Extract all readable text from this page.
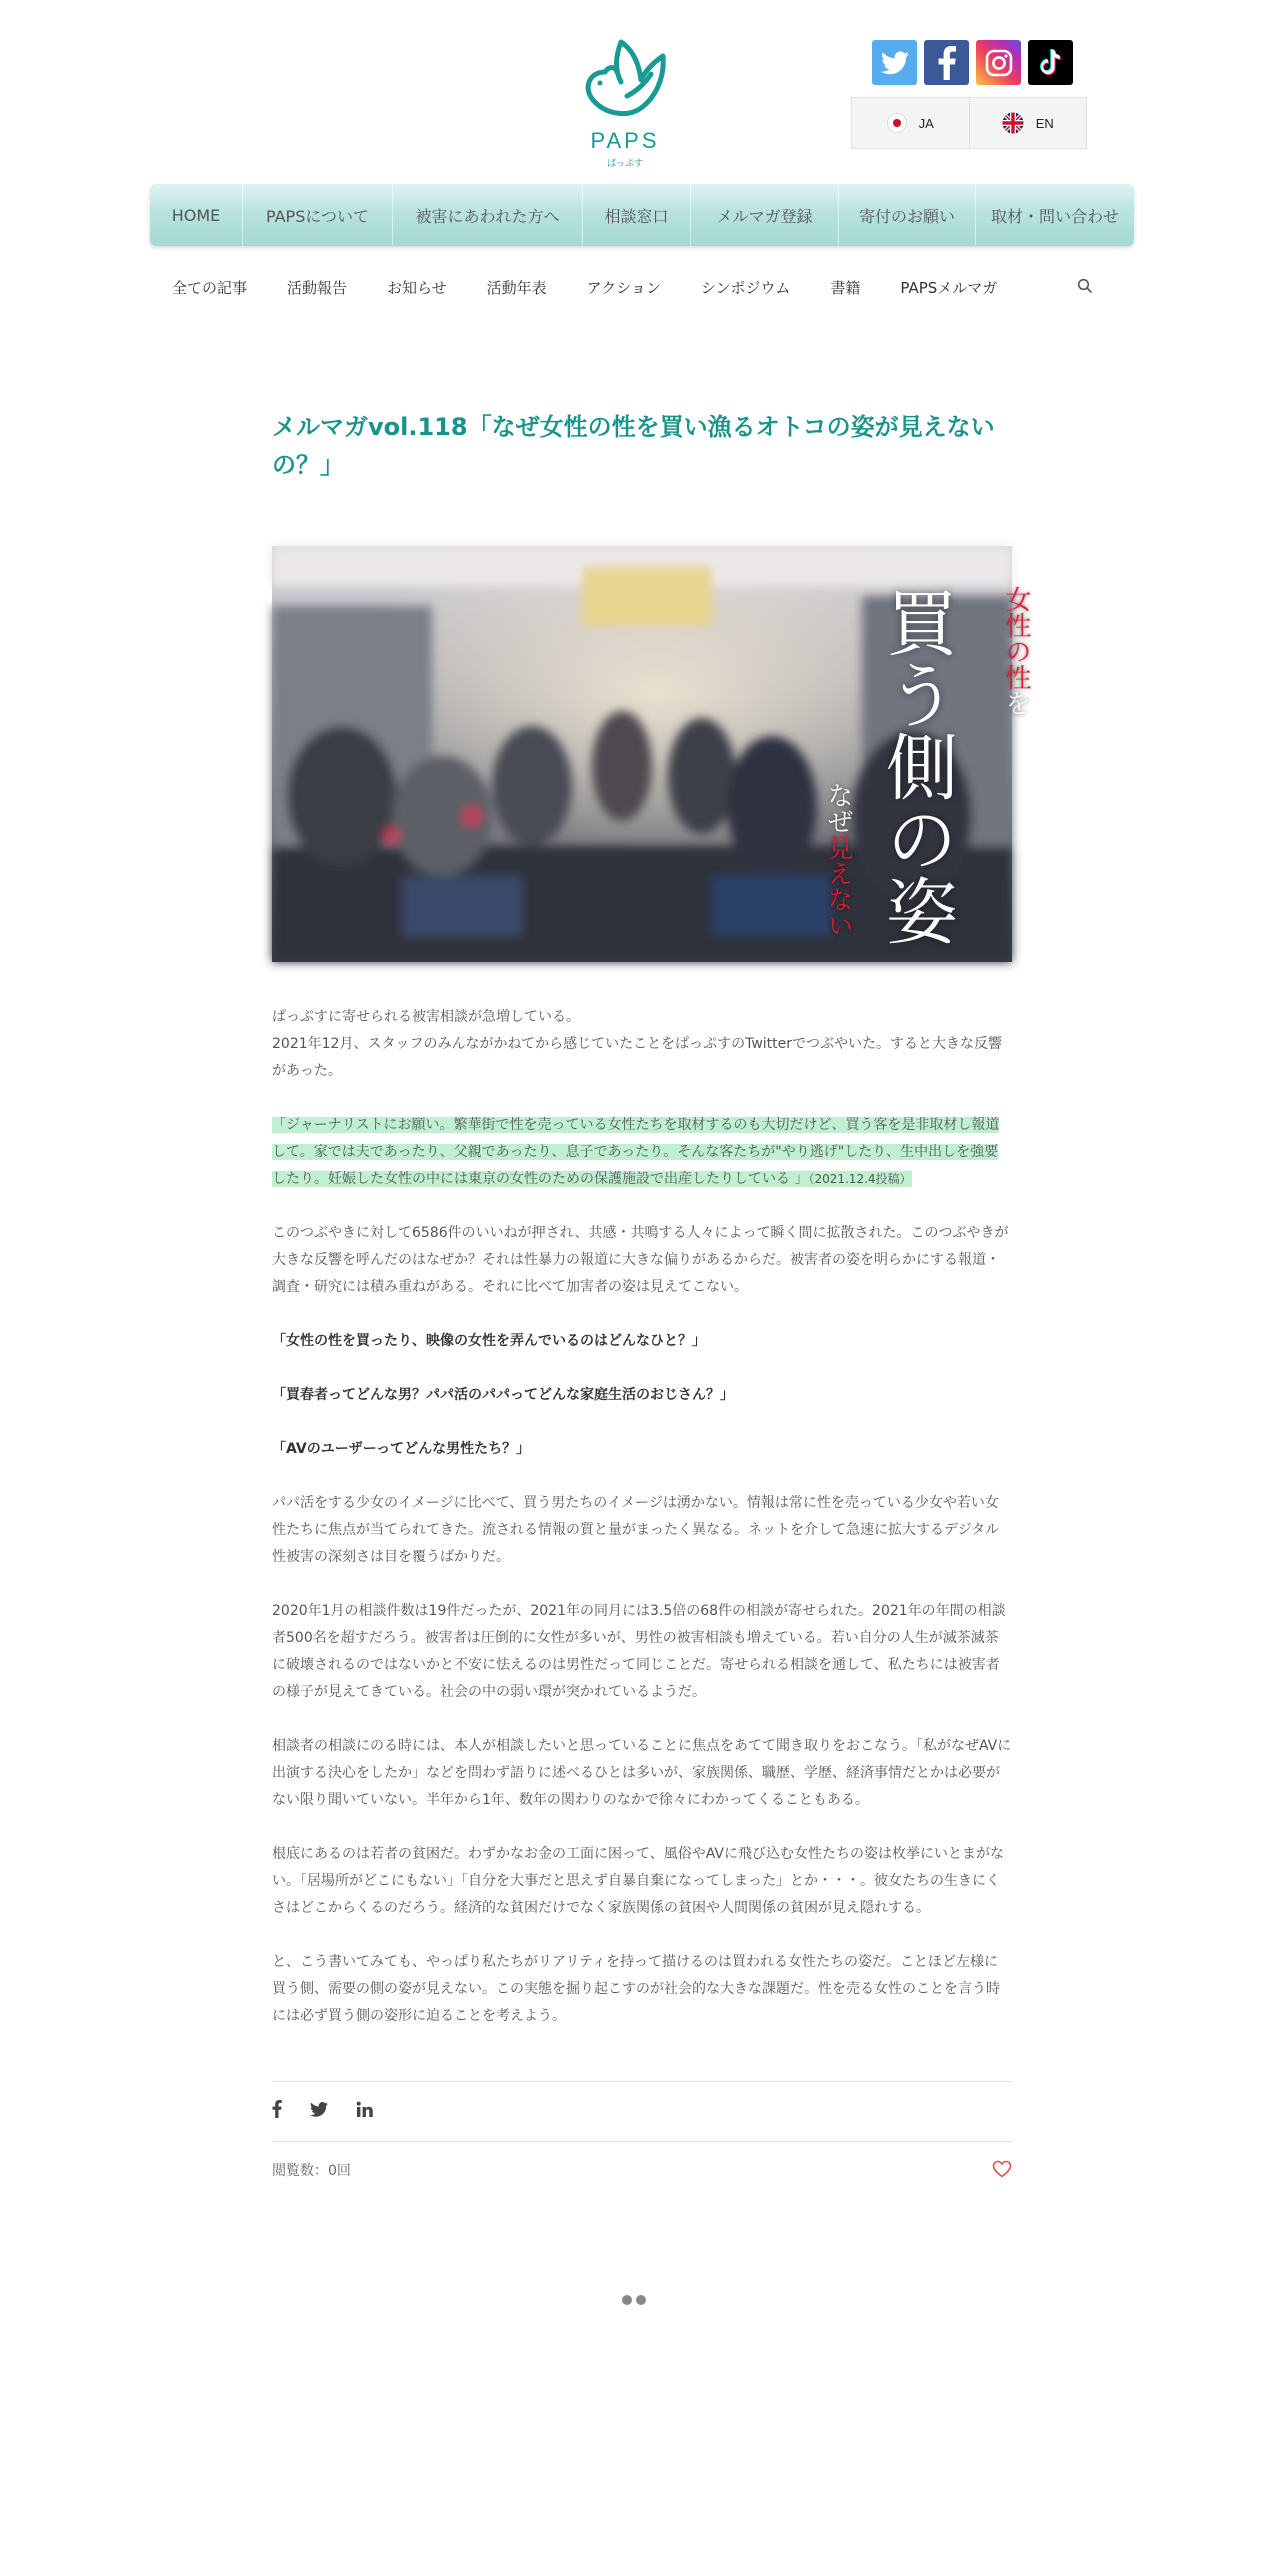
PAPS
ぱっぷす
JA	EN
HOME	PAPSについて	被害にあわれた方へ	相談窓口	メルマガ登録	寄付のお願い	取材・問い合わせ
全ての記事	活動報告	お知らせ	活動年表	アクション	シンポジウム	書籍	PAPSメルマガ
メルマガvol.118「なぜ女性の性を買い漁るオトコの姿が見えないの？」
女性の性を
買う側の姿
なぜ見えない

ぱっぷすに寄せられる被害相談が急増している。

2021年12月、スタッフのみんながかねてから感じていたことをぱっぷすのTwitterでつぶやいた。すると大きな反響があった。

「ジャーナリストにお願い。繁華街で性を売っている女性たちを取材するのも大切だけど、買う客を是非取材し報道して。家では夫であったり、父親であったり、息子であったり。そんな客たちが"やり逃げ"したり、生中出しを強要したり。妊娠した女性の中には東京の女性のための保護施設で出産したりしている 」（2021.12.4投稿）

このつぶやきに対して6586件のいいねが押され、共感・共鳴する人々によって瞬く間に拡散された。このつぶやきが大きな反響を呼んだのはなぜか？それは性暴力の報道に大きな偏りがあるからだ。被害者の姿を明らかにする報道・調査・研究には積み重ねがある。それに比べて加害者の姿は見えてこない。

「女性の性を買ったり、映像の女性を弄んでいるのはどんなひと？」

「買春者ってどんな男？パパ活のパパってどんな家庭生活のおじさん？」

「AVのユーザーってどんな男性たち？」

パパ活をする少女のイメージに比べて、買う男たちのイメージは湧かない。情報は常に性を売っている少女や若い女性たちに焦点が当てられてきた。流される情報の質と量がまったく異なる。ネットを介して急速に拡大するデジタル性被害の深刻さは目を覆うばかりだ。

2020年1月の相談件数は19件だったが、2021年の同月には3.5倍の68件の相談が寄せられた。2021年の年間の相談者500名を超すだろう。被害者は圧倒的に女性が多いが、男性の被害相談も増えている。若い自分の人生が滅茶滅茶に破壊されるのではないかと不安に怯えるのは男性だって同じことだ。寄せられる相談を通して、私たちには被害者の様子が見えてきている。社会の中の弱い環が突かれているようだ。

相談者の相談にのる時には、本人が相談したいと思っていることに焦点をあてて聞き取りをおこなう。「私がなぜAVに出演する決心をしたか」などを問わず語りに述べるひとは多いが、家族関係、職歴、学歴、経済事情だとかは必要がない限り聞いていない。半年から1年、数年の関わりのなかで徐々にわかってくることもある。

根底にあるのは若者の貧困だ。わずかなお金の工面に困って、風俗やAVに飛び込む女性たちの姿は枚挙にいとまがない。「居場所がどこにもない」「自分を大事だと思えず自暴自棄になってしまった」とか・・・。彼女たちの生きにくさはどこからくるのだろう。経済的な貧困だけでなく家族関係の貧困や人間関係の貧困が見え隠れする。

と、こう書いてみても、やっぱり私たちがリアリティを持って描けるのは買われる女性たちの姿だ。ことほど左様に買う側、需要の側の姿が見えない。この実態を掘り起こすのが社会的な大きな課題だ。性を売る女性のことを言う時には必ず買う側の姿形に迫ることを考えよう。

閲覧数：0回
